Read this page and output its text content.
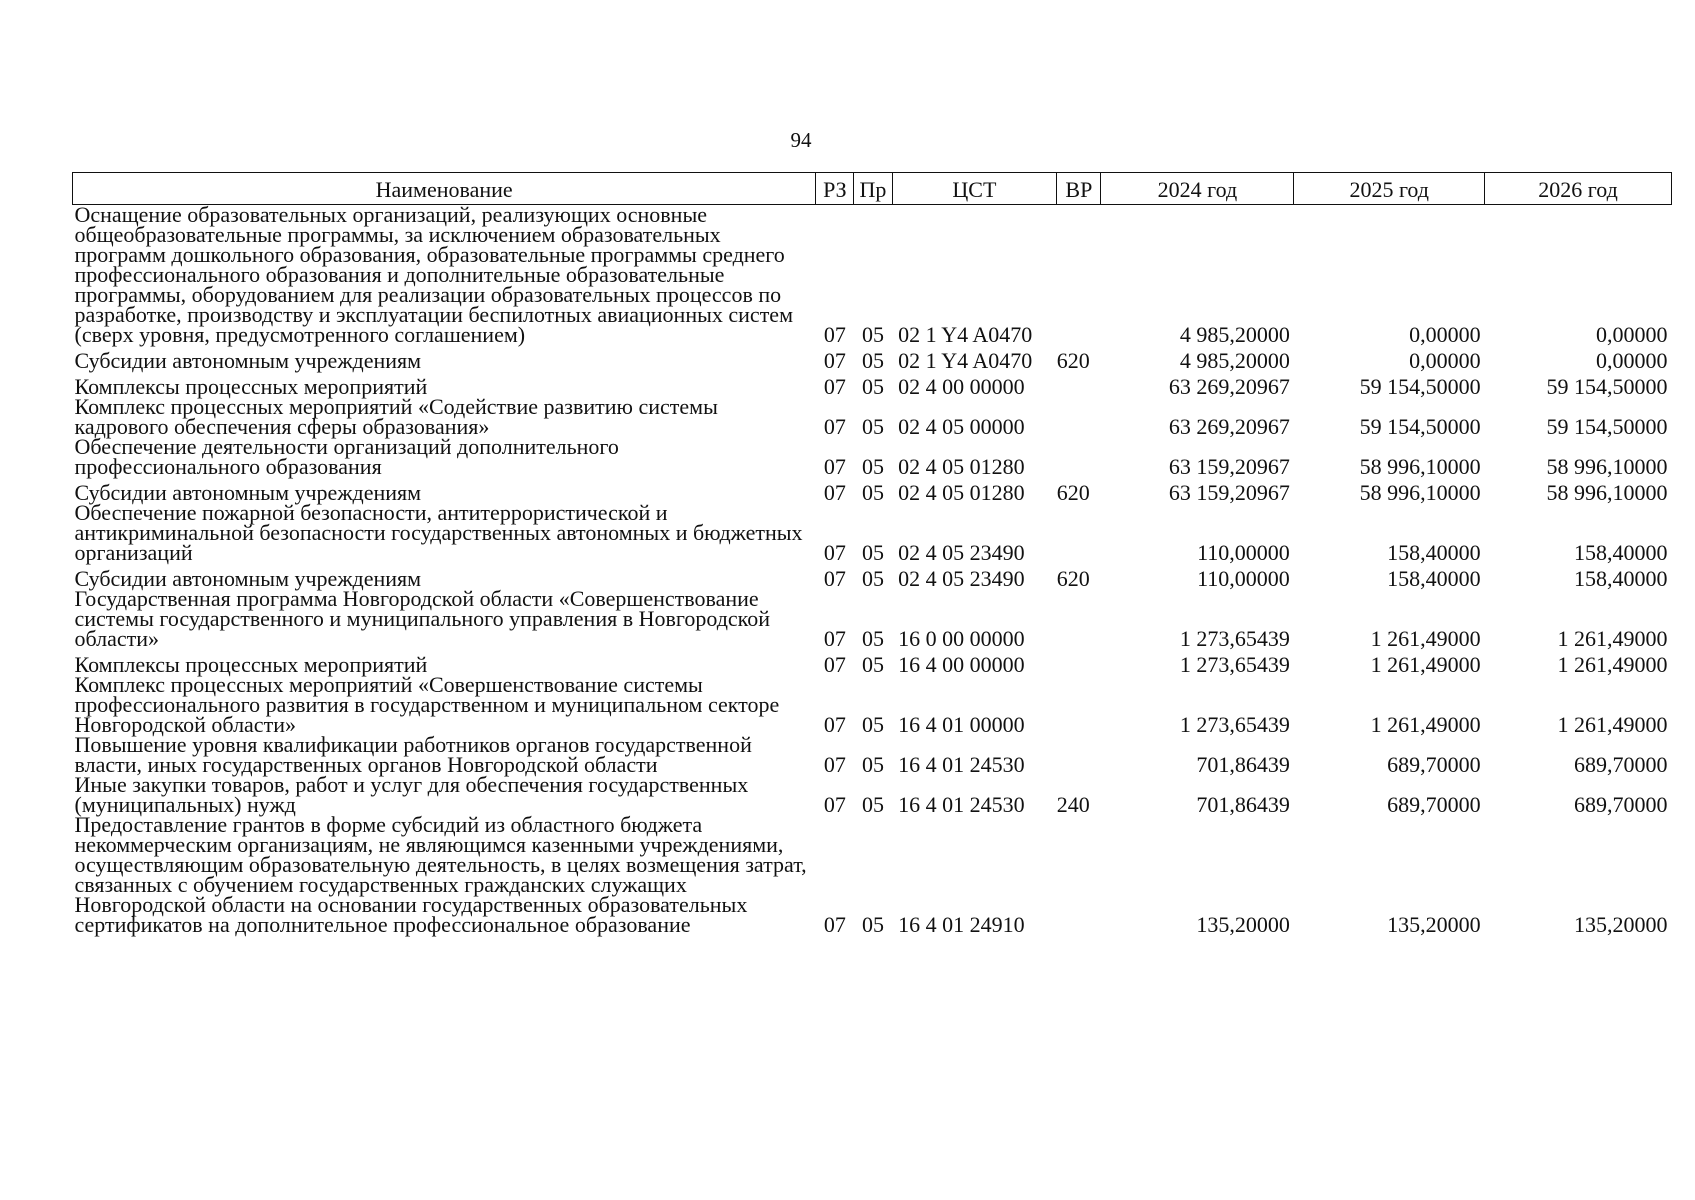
94
Наименование	РЗ	Пр	ЦСТ	ВР	2024 год	2025 год	2026 год
Оснащение образовательных организаций, реализующих основные общеобразовательные программы, за исключением образовательных программ дошкольного образования, образовательные программы среднего профессионального образования и дополнительные образовательные программы, оборудованием для реализации образовательных процессов по разработке, производству и эксплуатации беспилотных авиационных систем (сверх уровня, предусмотренного соглашением)	07	05	02 1 Y4 A0470		4 985,20000	0,00000	0,00000
Субсидии автономным учреждениям	07	05	02 1 Y4 A0470	620	4 985,20000	0,00000	0,00000
Комплексы процессных мероприятий	07	05	02 4 00 00000		63 269,20967	59 154,50000	59 154,50000
Комплекс процессных мероприятий «Содействие развитию системы кадрового обеспечения сферы образования»	07	05	02 4 05 00000		63 269,20967	59 154,50000	59 154,50000
Обеспечение деятельности организаций дополнительного профессионального образования	07	05	02 4 05 01280		63 159,20967	58 996,10000	58 996,10000
Субсидии автономным учреждениям	07	05	02 4 05 01280	620	63 159,20967	58 996,10000	58 996,10000
Обеспечение пожарной безопасности, антитеррористической и антикриминальной безопасности государственных автономных и бюджетных организаций	07	05	02 4 05 23490		110,00000	158,40000	158,40000
Субсидии автономным учреждениям	07	05	02 4 05 23490	620	110,00000	158,40000	158,40000
Государственная программа Новгородской области «Совершенствование системы государственного и муниципального управления в Новгородской области»	07	05	16 0 00 00000		1 273,65439	1 261,49000	1 261,49000
Комплексы процессных мероприятий	07	05	16 4 00 00000		1 273,65439	1 261,49000	1 261,49000
Комплекс процессных мероприятий «Совершенствование системы профессионального развития в государственном и муниципальном секторе Новгородской области»	07	05	16 4 01 00000		1 273,65439	1 261,49000	1 261,49000
Повышение уровня квалификации работников органов государственной власти, иных государственных органов Новгородской области	07	05	16 4 01 24530		701,86439	689,70000	689,70000
Иные закупки товаров, работ и услуг для обеспечения государственных (муниципальных) нужд	07	05	16 4 01 24530	240	701,86439	689,70000	689,70000
Предоставление грантов в форме субсидий из областного бюджета некоммерческим организациям, не являющимся казенными учреждениями, осуществляющим образовательную деятельность, в целях возмещения затрат, связанных с обучением государственных гражданских служащих Новгородской области на основании государственных образовательных сертификатов на дополнительное профессиональное образование	07	05	16 4 01 24910		135,20000	135,20000	135,20000
